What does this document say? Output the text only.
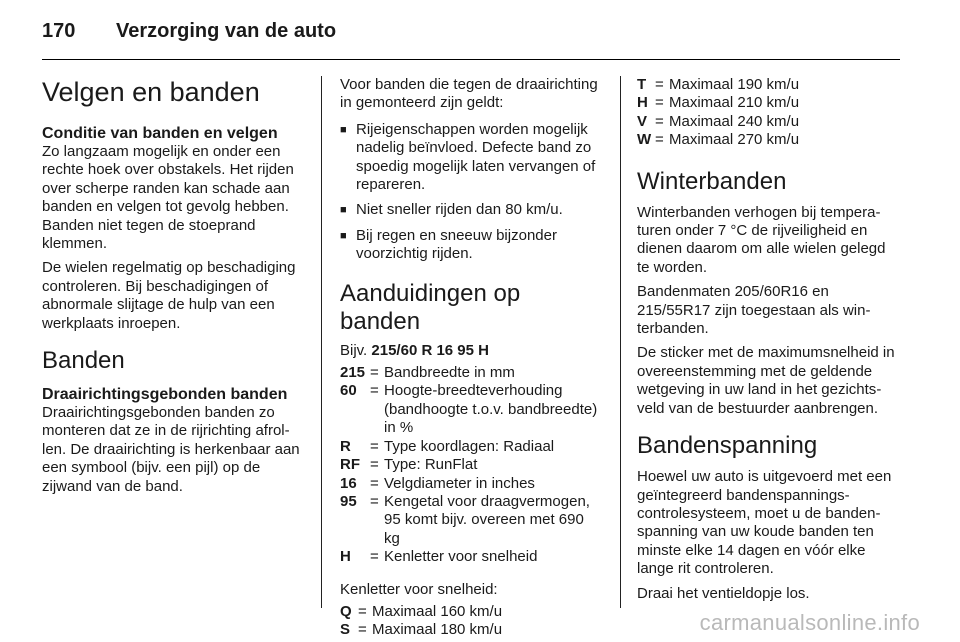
170 Verzorging van de auto
Velgen en banden
Conditie van banden en velgen

Zo langzaam mogelijk en onder een rechte hoek over obstakels. Het rijden over scherpe randen kan schade aan banden en velgen tot gevolg hebben. Banden niet tegen de stoeprand klemmen.

De wielen regelmatig op beschadiging controleren. Bij beschadigingen of abnormale slijtage de hulp van een werkplaats inroepen.

Banden
Draairichtingsgebonden banden

Draairichtingsgebonden banden zo monteren dat ze in de rijrichting afrollen. De draairichting is herkenbaar aan een symbool (bijv. een pijl) op de zijwand van de band.

Voor banden die tegen de draairichting in gemonteerd zijn geldt:

■ Rijeigenschappen worden mogelijk nadelig beïnvloed. Defecte band zo spoedig mogelijk laten vervangen of repareren.
■ Niet sneller rijden dan 80 km/u.
■ Bij regen en sneeuw bijzonder voorzichtig rijden.
Aanduidingen op banden

Bijv. 215/60 R 16 95 H

215 = Bandbreedte in mm
60 = Hoogte-breedteverhouding (bandhoogte t.o.v. bandbreedte) in %
R	= Type koordlagen: Radiaal
RF = Type: RunFlat
16 = Velgdiameter in inches
95 = Kengetal voor draagvermogen, 95 komt bijv. overeen met 690 kg
H	= Kenletter voor snelheid

Kenletter voor snelheid:

Q = Maximaal 160 km/u
S = Maximaal 180 km/u
T = Maximaal 190 km/u
H = Maximaal 210 km/u
V = Maximaal 240 km/u
W = Maximaal 270 km/u
Winterbanden

Winterbanden verhogen bij temperaturen onder 7 °C de rijveiligheid en dienen daarom om alle wielen gelegd te worden.

Bandenmaten 205/60R16 en 215/55R17 zijn toegestaan als winterbanden.

De sticker met de maximumsnelheid in overeenstemming met de geldende wetgeving in uw land in het gezichtsveld van de bestuurder aanbrengen.

Bandenspanning

Hoewel uw auto is uitgevoerd met een geïntegreerd bandenspanningscontrolesysteem, moet u de bandenspanning van uw koude banden ten minste elke 14 dagen en vóór elke lange rit controleren.

Draai het ventieldopje los.

carmanualsonline.info
